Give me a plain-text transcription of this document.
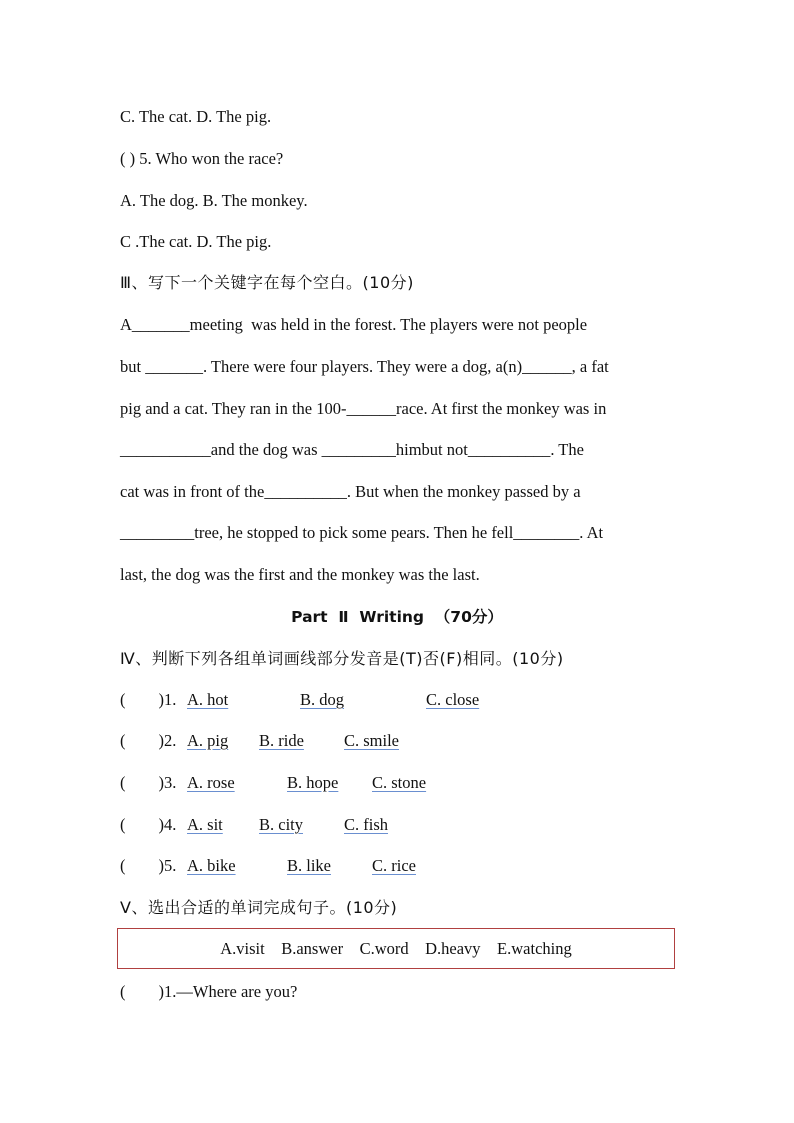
C. The cat. D. The pig.
( ) 5. Who won the race?
A. The dog. B. The monkey.
C .The cat. D. The pig.
Ⅲ、写下一个关键字在每个空白。(10分)
A_______meeting  was held in the forest. The players were not people
but _______. There were four players. They were a dog, a(n)______, a fat
pig and a cat. They ran in the 100-______race. At first the monkey was in
___________and the dog was _________himbut not__________. The
cat was in front of the__________. But when the monkey passed by a
_________tree, he stopped to pick some pears. Then he fell________. At
last, the dog was the first and the monkey was the last.
Part  Ⅱ  Writing  （70分）
Ⅳ、判断下列各组单词画线部分发音是(T)否(F)相同。(10分)
(        )1. A. hot	B. dog	C. close
(        )2. A. pig B. ride C. smile
(        )3. A. rose	B. hope C. stone
(        )4. A. sit B. city C. fish
(        )5. A. bike	B. like C. rice
Ⅴ、选出合适的单词完成句子。(10分)
A.visit    B.answer    C.word    D.heavy    E.watching
(        )1.—Where are you?
